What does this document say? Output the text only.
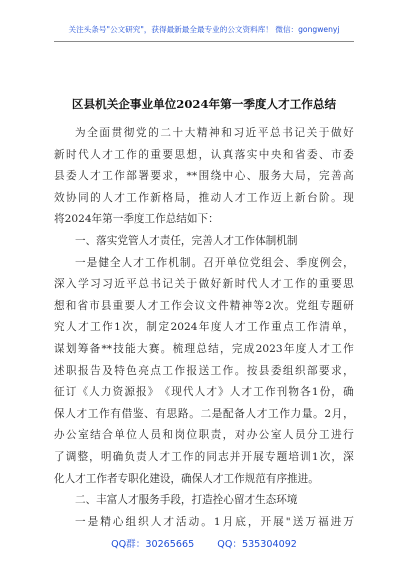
关注头条号"公文研究"，获得最新最全最专业的公文资料库！ 微信：gongwenyj
区县机关企事业单位2024年第一季度人才工作总结
为 全 面 贯 彻 党 的 二 十 大 精 神 和 习 近 平 总 书 记 关 于 做 好
新 时 代 人 才 工 作 的 重 要 思 想 ， 认 真 落 实 中 央 和 省 委 、 市 委
县 委 人 才 工 作 部 署 要 求 ， ** 围 绕 中 心 、 服 务 大 局 ， 完 善 高
效 协 同 的 人 才 工 作 新 格 局 ， 推 动 人 才 工 作 迈 上 新 台 阶 。 现
将2024年第一季度工作总结如下：
一、落实党管人才责任，完善人才工作体制机制
一 是 健 全 人 才 工 作 机 制 。 召 开 单 位 党 组 会 、 季 度 例 会 ，
深 入 学 习 习 近 平 总 书 记 关 于 做 好 新 时 代 人 才 工 作 的 重 要 思
想 和 省 市 县 重 要 人 才 工 作 会 议 文 件 精 神 等 2 次 。 党 组 专 题 研
究 人 才 工 作 1 次 ， 制 定 2024 年 度 人 才 工 作 重 点 工 作 清 单 ，
谋 划 筹 备 ** 技 能 大 赛 。 梳 理 总 结 ， 完 成 2023 年 度 人 才 工 作
述 职 报 告 及 特 色 亮 点 工 作 报 送 工 作 。 按 县 委 组 织 部 要 求 ，
征 订 《 人 力 资 源 报 》 《 现 代 人 才 》 人 才 工 作 刊 物 各 1 份 ， 确
保 人 才 工 作 有 借 鉴 、 有 思 路 。 二 是 配 备 人 才 工 作 力 量 。 2 月 ，
办 公 室 结 合 单 位 人 员 和 岗 位 职 责 ， 对 办 公 室 人 员 分 工 进 行
了 调 整 ， 明 确 负 责 人 才 工 作 的 同 志 并 开 展 专 题 培 训 1 次 ， 深
化人才工作者专职化建设，确保人才工作规范有序推进。
二、丰富人才服务手段，打造拴心留才生态环境
一 是 精 心 组 织 人 才 活 动 。 1 月 底 ， 开 展 " 送 万 福 进 万
QQ群：30265665 QQ：535304092
